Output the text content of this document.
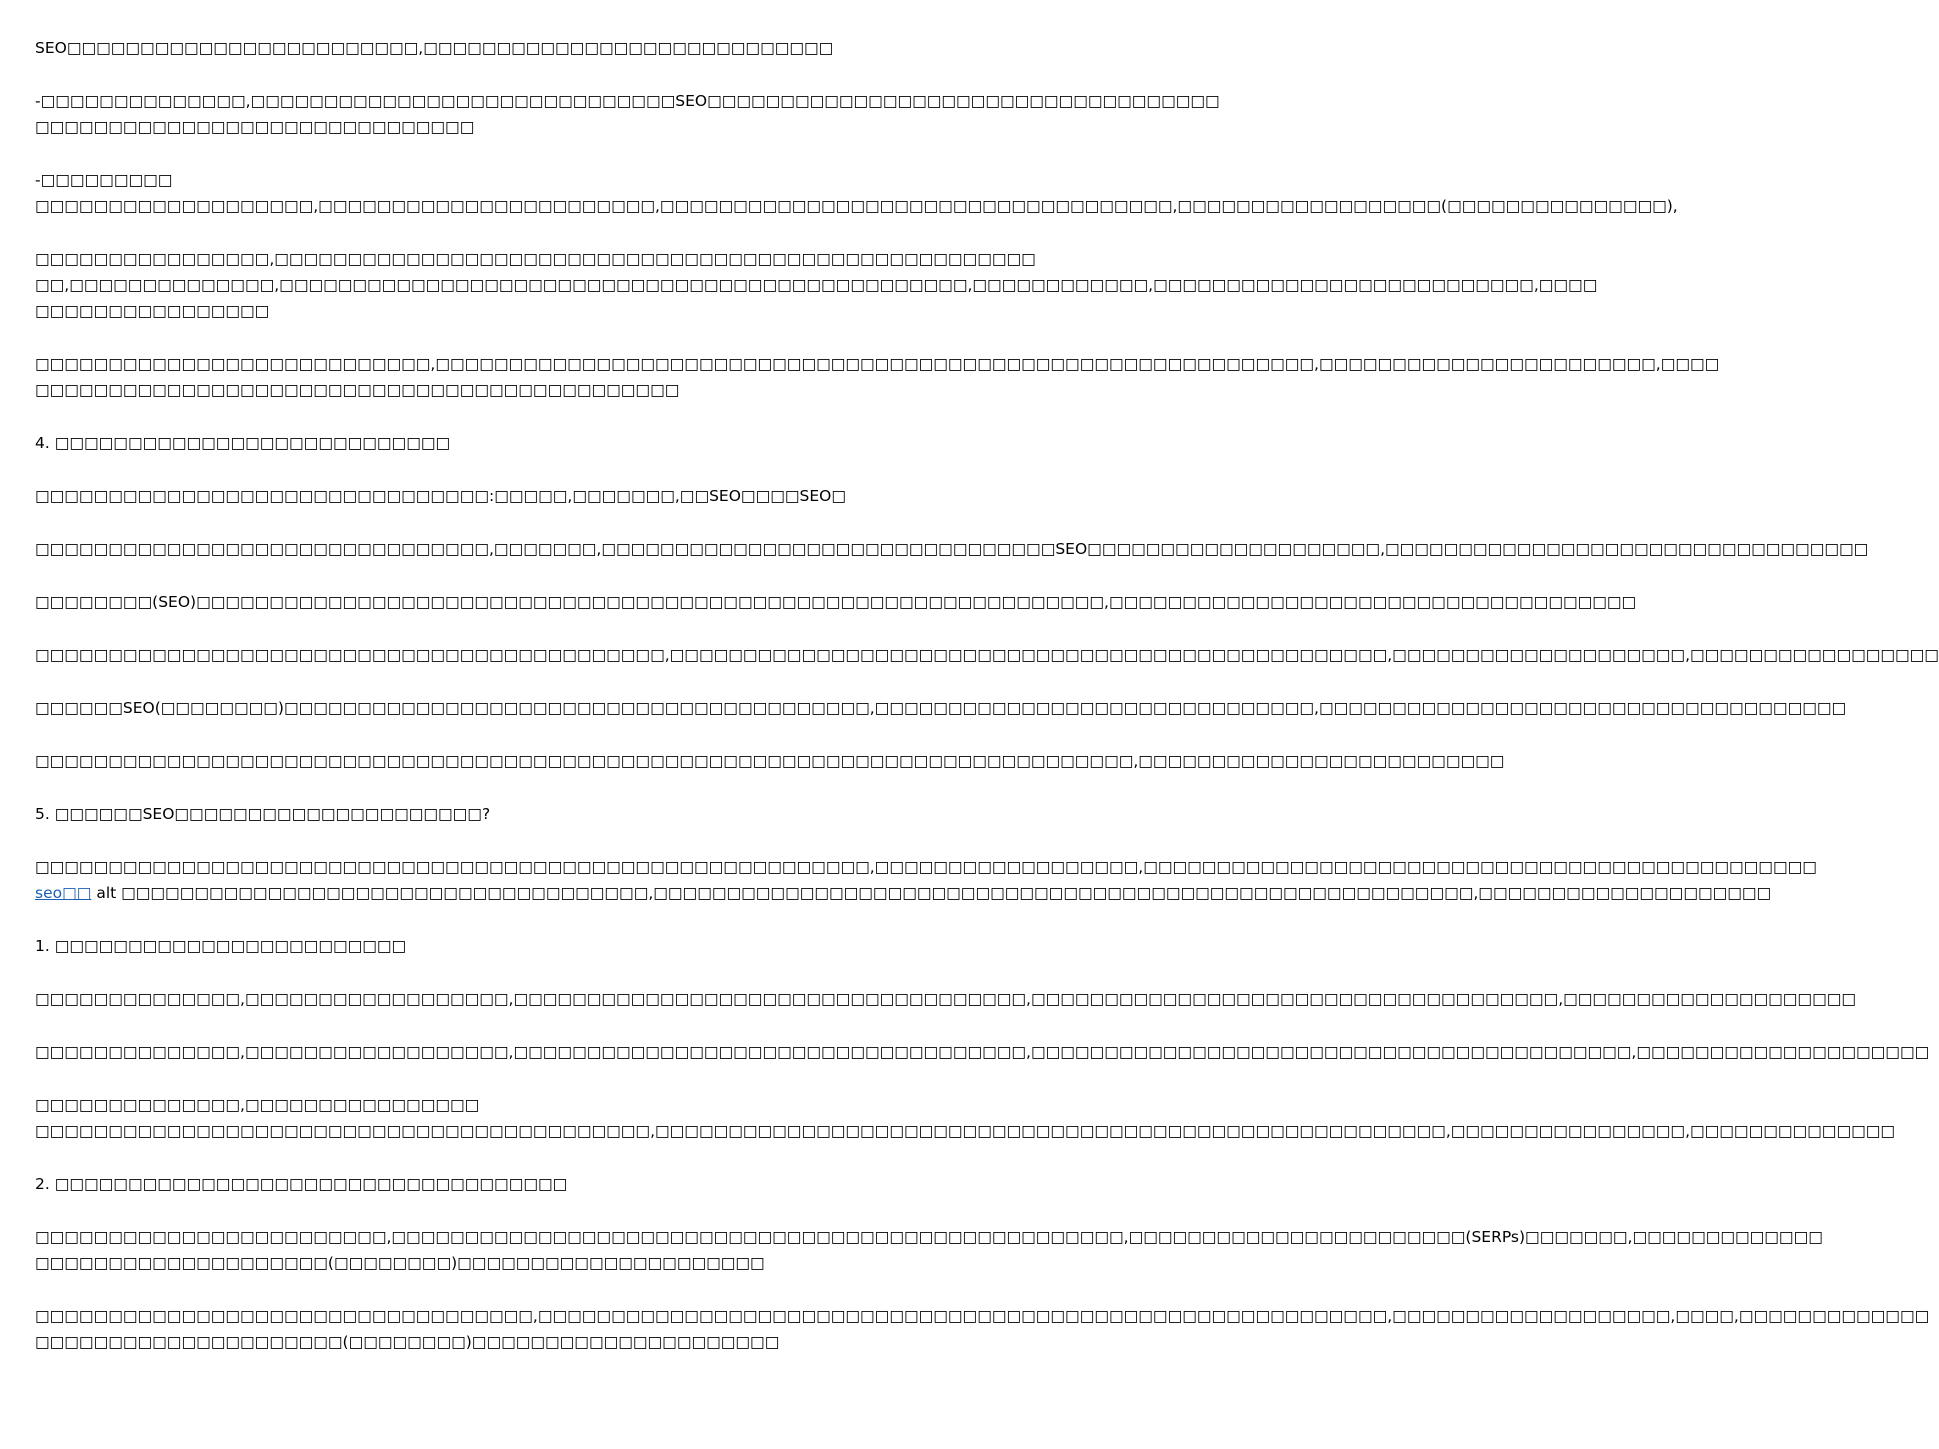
SEO□□□□□□□□□□□□□□□□□□□□□□□□,□□□□□□□□□□□□□□□□□□□□□□□□□□□□

-□□□□□□□□□□□□□□,□□□□□□□□□□□□□□□□□□□□□□□□□□□□□SEO□□□□□□□□□□□□□□□□□□□□□□□□□□□□□□□□□□□
□□□□□□□□□□□□□□□□□□□□□□□□□□□□□□

-□□□□□□□□□
□□□□□□□□□□□□□□□□□□□,□□□□□□□□□□□□□□□□□□□□□□□,□□□□□□□□□□□□□□□□□□□□□□□□□□□□□□□□□□□,□□□□□□□□□□□□□□□□□□(□□□□□□□□□□□□□□□),

□□□□□□□□□□□□□□□□,□□□□□□□□□□□□□□□□□□□□□□□□□□□□□□□□□□□□□□□□□□□□□□□□□□□□
□□,□□□□□□□□□□□□□□,□□□□□□□□□□□□□□□□□□□□□□□□□□□□□□□□□□□□□□□□□□□□□□□,□□□□□□□□□□□□,□□□□□□□□□□□□□□□□□□□□□□□□□□,□□□□
□□□□□□□□□□□□□□□□

□□□□□□□□□□□□□□□□□□□□□□□□□□□,□□□□□□□□□□□□□□□□□□□□□□□□□□□□□□□□□□□□□□□□□□□□□□□□□□□□□□□□□□□□,□□□□□□□□□□□□□□□□□□□□□□□,□□□□
□□□□□□□□□□□□□□□□□□□□□□□□□□□□□□□□□□□□□□□□□□□□

4. □□□□□□□□□□□□□□□□□□□□□□□□□□□

□□□□□□□□□□□□□□□□□□□□□□□□□□□□□□□:□□□□□,□□□□□□□,□□SEO□□□□SEO□

□□□□□□□□□□□□□□□□□□□□□□□□□□□□□□□,□□□□□□□,□□□□□□□□□□□□□□□□□□□□□□□□□□□□□□□SEO□□□□□□□□□□□□□□□□□□□□,□□□□□□□□□□□□□□□□□□□□□□□□□□□□□□□□□

□□□□□□□□(SEO)□□□□□□□□□□□□□□□□□□□□□□□□□□□□□□□□□□□□□□□□□□□□□□□□□□□□□□□□□□□□□□,□□□□□□□□□□□□□□□□□□□□□□□□□□□□□□□□□□□□

□□□□□□□□□□□□□□□□□□□□□□□□□□□□□□□□□□□□□□□□□□□,□□□□□□□□□□□□□□□□□□□□□□□□□□□□□□□□□□□□□□□□□□□□□□□□□,□□□□□□□□□□□□□□□□□□□□,□□□□□□□□□□□□□□□□□

□□□□□□SEO(□□□□□□□□)□□□□□□□□□□□□□□□□□□□□□□□□□□□□□□□□□□□□□□□□,□□□□□□□□□□□□□□□□□□□□□□□□□□□□□□,□□□□□□□□□□□□□□□□□□□□□□□□□□□□□□□□□□□□

□□□□□□□□□□□□□□□□□□□□□□□□□□□□□□□□□□□□□□□□□□□□□□□□□□□□□□□□□□□□□□□□□□□□□□□□□□□,□□□□□□□□□□□□□□□□□□□□□□□□□

5. □□□□□□SEO□□□□□□□□□□□□□□□□□□□□□?

□□□□□□□□□□□□□□□□□□□□□□□□□□□□□□□□□□□□□□□□□□□□□□□□□□□□□□□□□,□□□□□□□□□□□□□□□□□□,□□□□□□□□□□□□□□□□□□□□□□□□□□□□□□□□□□□□□□□□□□□□□□
seo□□ alt □□□□□□□□□□□□□□□□□□□□□□□□□□□□□□□□□□□□,□□□□□□□□□□□□□□□□□□□□□□□□□□□□□□□□□□□□□□□□□□□□□□□□□□□□□□□□,□□□□□□□□□□□□□□□□□□□□

1. □□□□□□□□□□□□□□□□□□□□□□□□

□□□□□□□□□□□□□□,□□□□□□□□□□□□□□□□□□,□□□□□□□□□□□□□□□□□□□□□□□□□□□□□□□□□□□,□□□□□□□□□□□□□□□□□□□□□□□□□□□□□□□□□□□□,□□□□□□□□□□□□□□□□□□□□

□□□□□□□□□□□□□□,□□□□□□□□□□□□□□□□□□,□□□□□□□□□□□□□□□□□□□□□□□□□□□□□□□□□□□,□□□□□□□□□□□□□□□□□□□□□□□□□□□□□□□□□□□□□□□□□,□□□□□□□□□□□□□□□□□□□□

□□□□□□□□□□□□□□,□□□□□□□□□□□□□□□□
□□□□□□□□□□□□□□□□□□□□□□□□□□□□□□□□□□□□□□□□□□,□□□□□□□□□□□□□□□□□□□□□□□□□□□□□□□□□□□□□□□□□□□□□□□□□□□□□□,□□□□□□□□□□□□□□□□,□□□□□□□□□□□□□□

2. □□□□□□□□□□□□□□□□□□□□□□□□□□□□□□□□□□□

□□□□□□□□□□□□□□□□□□□□□□□□,□□□□□□□□□□□□□□□□□□□□□□□□□□□□□□□□□□□□□□□□□□□□□□□□□□,□□□□□□□□□□□□□□□□□□□□□□□(SERPs)□□□□□□□,□□□□□□□□□□□□□
□□□□□□□□□□□□□□□□□□□□(□□□□□□□□)□□□□□□□□□□□□□□□□□□□□□

□□□□□□□□□□□□□□□□□□□□□□□□□□□□□□□□□□,□□□□□□□□□□□□□□□□□□□□□□□□□□□□□□□□□□□□□□□□□□□□□□□□□□□□□□□□□□,□□□□□□□□□□□□□□□□□□□,□□□□,□□□□□□□□□□□□□
□□□□□□□□□□□□□□□□□□□□□(□□□□□□□□)□□□□□□□□□□□□□□□□□□□□□
